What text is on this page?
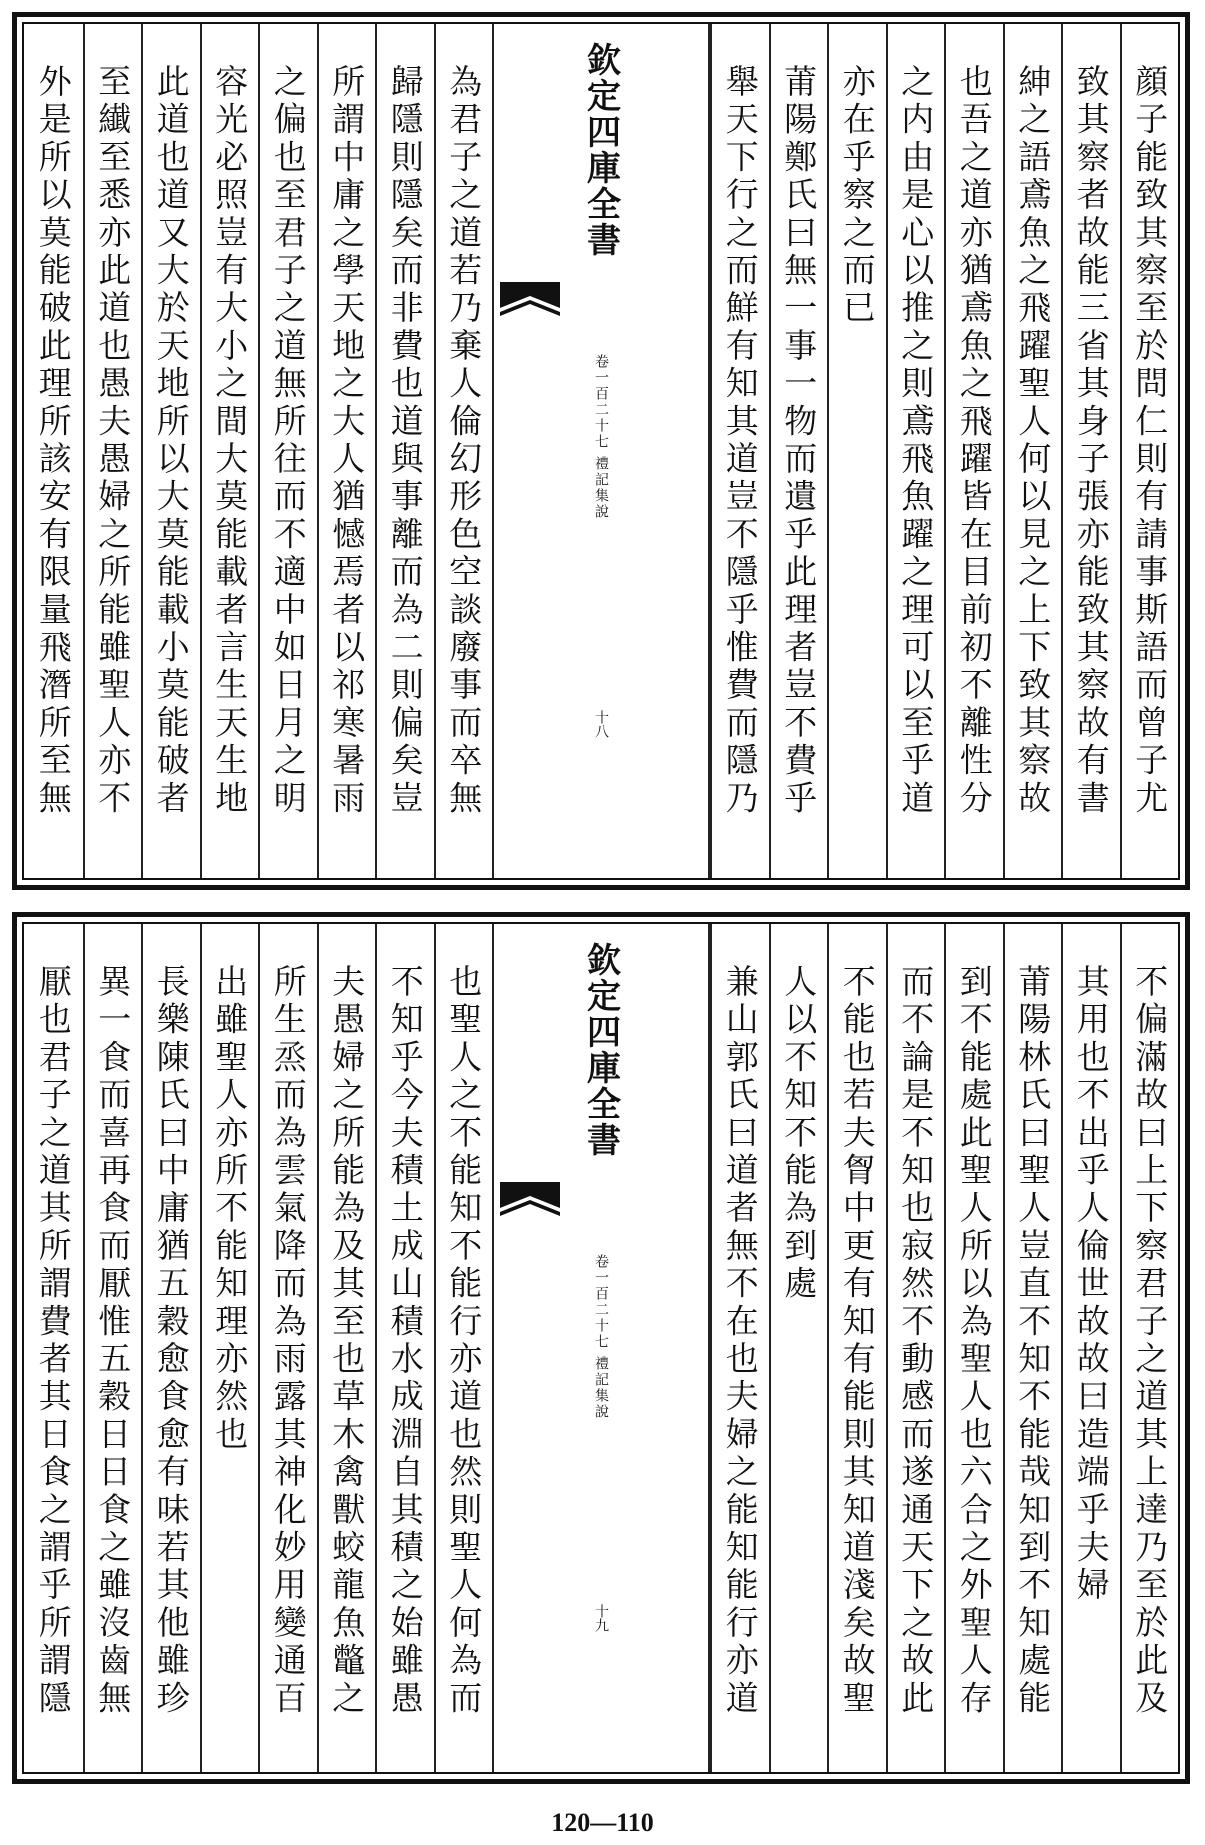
外是所以莫能破此理所該安有限量飛潛所至無 至纎至悉亦此道也愚夫愚婦之所能雖聖人亦不 此道也道又大於天地所以大莫能載小莫能破者 容光必照豈有大小之間大莫能載者言生天生地 之偏也至君子之道無所往而不適中如日月之明 所謂中庸之學天地之大人猶憾焉者以祁寒暑雨 歸隱則隱矣而非費也道與事離而為二則偏矣豈 為君子之道若乃棄人倫幻形色空談廢事而卒無	欽定四庫全書
禮記集說
卷一百二十七
十八	舉天下行之而鮮有知其道豈不隱乎惟費而隱乃 莆陽鄭氏曰無一事一物而遺乎此理者豈不費乎 亦在乎察之而已 之内由是心以推之則鳶飛魚躍之理可以至乎道 也吾之道亦猶鳶魚之飛躍皆在目前初不離性分 紳之語鳶魚之飛躍聖人何以見之上下致其察故 致其察者故能三省其身子張亦能致其察故有書 顔子能致其察至於問仁則有請事斯語而曾子尤
厭也君子之道其所謂費者其日食之謂乎所謂隱 異一食而喜再食而厭惟五穀日日食之雖沒齒無 長樂陳氏曰中庸猶五穀愈食愈有味若其他雖珍 出雖聖人亦所不能知理亦然也 所生烝而為雲氣降而為雨露其神化妙用變通百 夫愚婦之所能為及其至也草木禽獸蛟龍魚鼈之 不知乎今夫積土成山積水成淵自其積之始雖愚 也聖人之不能知不能行亦道也然則聖人何為而	欽定四庫全書
禮記集說
卷一百二十七
十九	兼山郭氏曰道者無不在也夫婦之能知能行亦道 人以不知不能為到處 不能也若夫胷中更有知有能則其知道淺矣故聖 而不論是不知也寂然不動感而遂通天下之故此 到不能處此聖人所以為聖人也六合之外聖人存 莆陽林氏曰聖人豈直不知不能哉知到不知處能 其用也不出乎人倫世故故曰造端乎夫婦 不偏滿故曰上下察君子之道其上達乃至於此及
120—110
